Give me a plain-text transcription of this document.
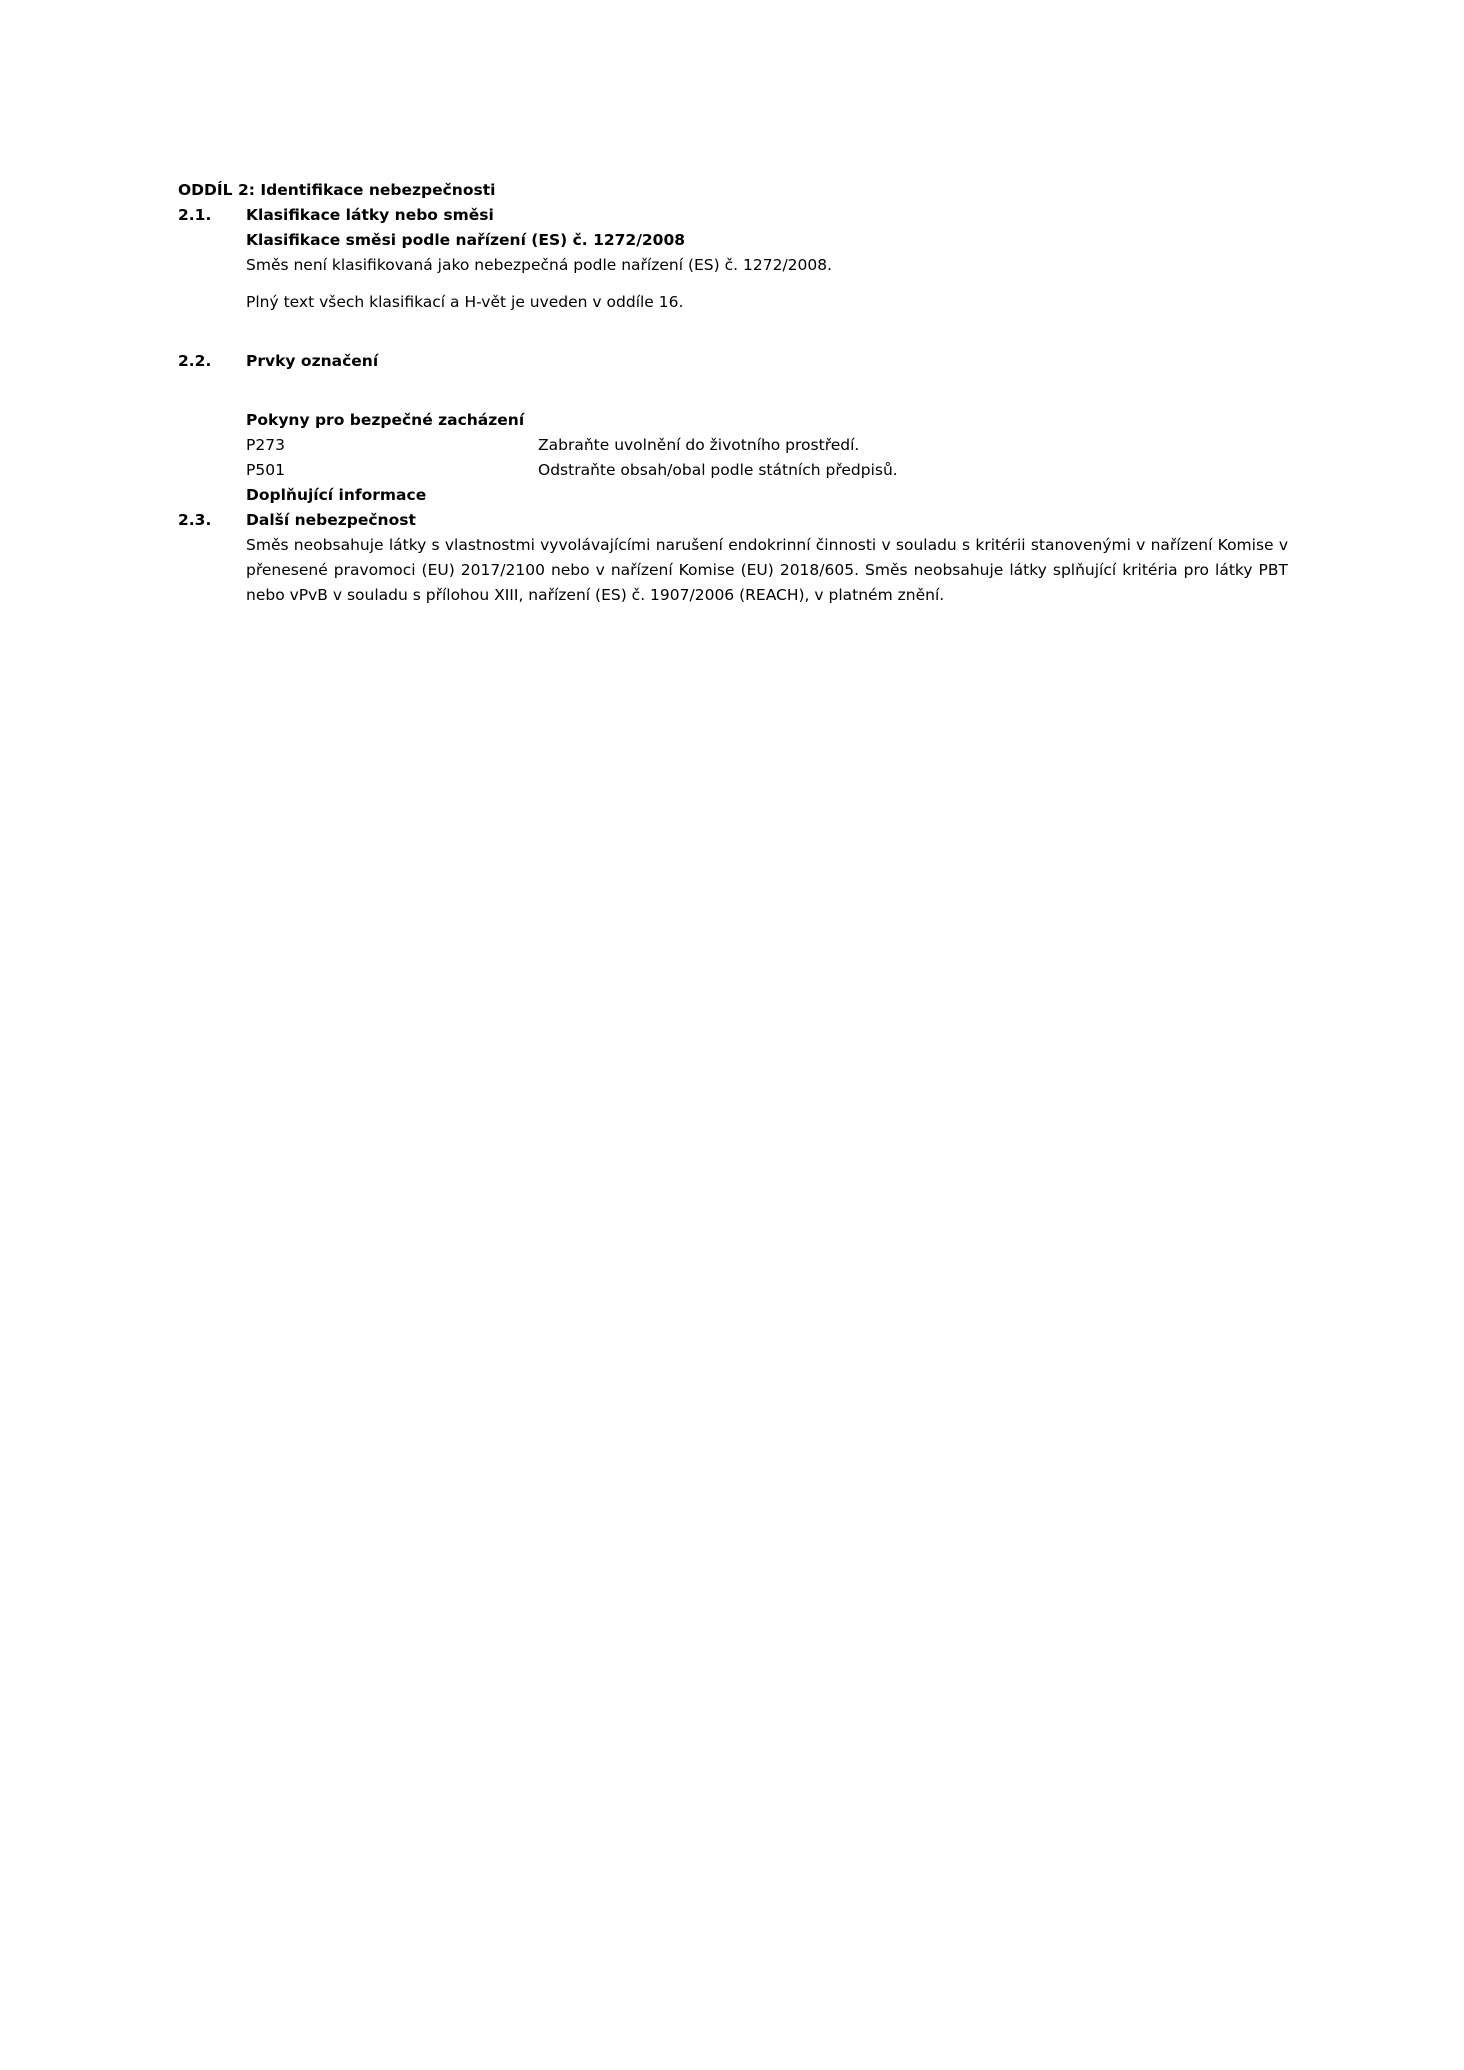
ODDÍL 2: Identifikace nebezpečnosti
2.1.	Klasifikace látky nebo směsi
Klasifikace směsi podle nařízení (ES) č. 1272/2008
Směs není klasifikovaná jako nebezpečná podle nařízení (ES) č. 1272/2008.
Plný text všech klasifikací a H-vět je uveden v oddíle 16.
2.2.	Prvky označení
Pokyny pro bezpečné zacházení
P273	Zabraňte uvolnění do životního prostředí.
P501	Odstraňte obsah/obal podle státních předpisů.
Doplňující informace
2.3.	Další nebezpečnost
Směs neobsahuje látky s vlastnostmi vyvolávajícími narušení endokrinní činnosti v souladu s kritérii stanovenými v nařízení Komise v přenesené pravomoci (EU) 2017/2100 nebo v nařízení Komise (EU) 2018/605. Směs neobsahuje látky splňující kritéria pro látky PBT nebo vPvB v souladu s přílohou XIII, nařízení (ES) č. 1907/2006 (REACH), v platném znění.
